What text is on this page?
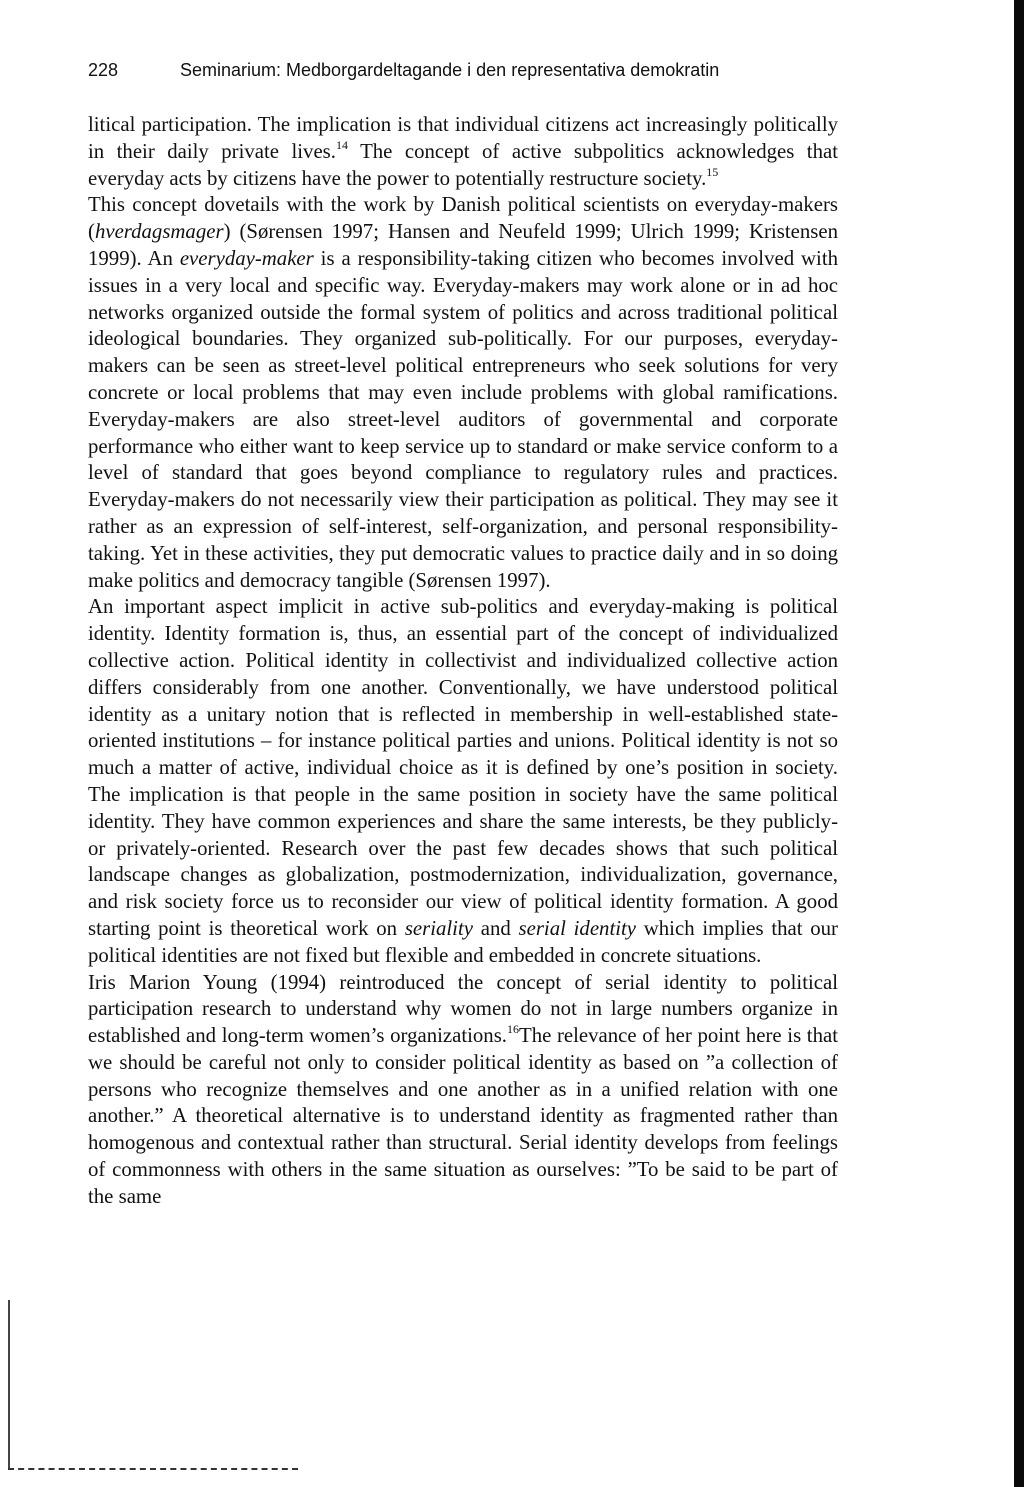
228	Seminarium: Medborgardeltagande i den representativa demokratin

litical participation. The implication is that individual citizens act increasingly politically in their daily private lives.$^{14}$ The concept of active subpolitics acknowledges that everyday acts by citizens have the power to potentially restructure society.$^{15}$

This concept dovetails with the work by Danish political scientists on everyday-makers (hverdagsmager) (Sørensen 1997; Hansen and Neufeld 1999; Ulrich 1999; Kristensen 1999). An everyday-maker is a responsibility-taking citizen who becomes involved with issues in a very local and specific way. Everyday-makers may work alone or in ad hoc networks organized outside the formal system of politics and across traditional political ideological boundaries. They organized sub-politically. For our purposes, everyday-makers can be seen as street-level political entrepreneurs who seek solutions for very concrete or local problems that may even include problems with global ramifications. Everyday-makers are also street-level auditors of governmental and corporate performance who either want to keep service up to standard or make service conform to a level of standard that goes beyond compliance to regulatory rules and practices. Everyday-makers do not necessarily view their participation as political. They may see it rather as an expression of self-interest, self-organization, and personal responsibility-taking. Yet in these activities, they put democratic values to practice daily and in so doing make politics and democracy tangible (Sørensen 1997).

An important aspect implicit in active sub-politics and everyday-making is political identity. Identity formation is, thus, an essential part of the concept of individualized collective action. Political identity in collectivist and individualized collective action differs considerably from one another. Conventionally, we have understood political identity as a unitary notion that is reflected in membership in well-established state-oriented institutions – for instance political parties and unions. Political identity is not so much a matter of active, individual choice as it is defined by one’s position in society. The implication is that people in the same position in society have the same political identity. They have common experiences and share the same interests, be they publicly- or privately-oriented. Research over the past few decades shows that such political landscape changes as globalization, postmodernization, individualization, governance, and risk society force us to reconsider our view of political identity formation. A good starting point is theoretical work on seriality and serial identity which implies that our political identities are not fixed but flexible and embedded in concrete situations.

Iris Marion Young (1994) reintroduced the concept of serial identity to political participation research to understand why women do not in large numbers organize in established and long-term women’s organizations.$^{16}$The relevance of her point here is that we should be careful not only to consider political identity as based on ”a collection of persons who recognize themselves and one another as in a unified relation with one another.” A theoretical alternative is to understand identity as fragmented rather than homogenous and contextual rather than structural. Serial identity develops from feelings of commonness with others in the same situation as ourselves: ”To be said to be part of the same
